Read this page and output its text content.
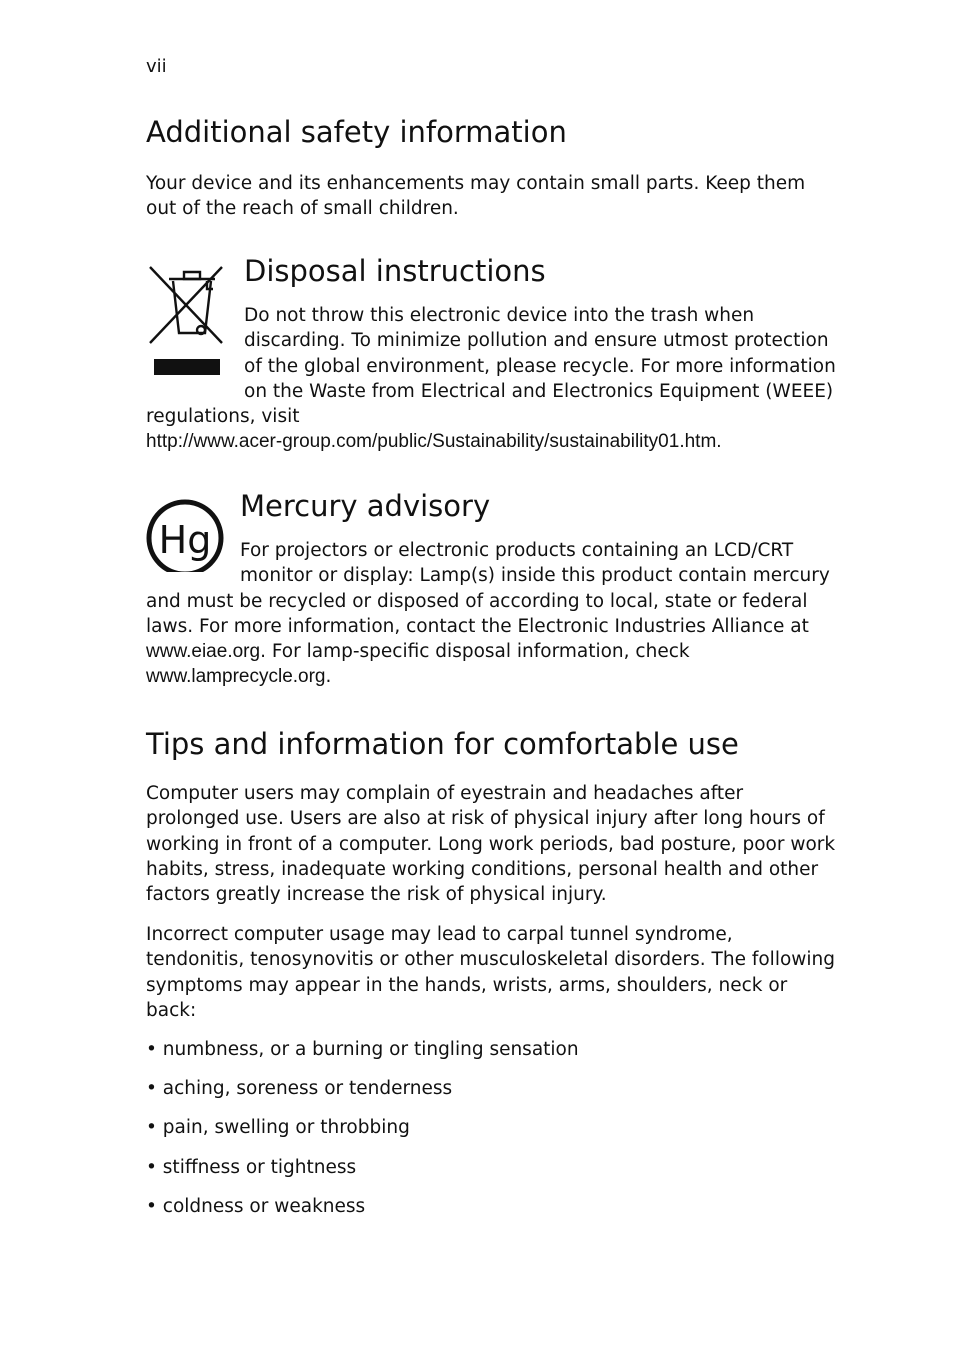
vii
Additional safety information

Your device and its enhancements may contain small parts. Keep them out of the reach of small children.

Disposal instructions

Do not throw this electronic device into the trash when discarding. To minimize pollution and ensure utmost protection of the global environment, please recycle. For more information on the Waste from Electrical and Electronics Equipment (WEEE) regulations, visit

http://www.acer-group.com/public/Sustainability/sustainability01.htm.

Hg
Mercury advisory

For projectors or electronic products containing an LCD/CRT monitor or display: Lamp(s) inside this product contain mercury and must be recycled or disposed of according to local, state or federal laws. For more information, contact the Electronic Industries Alliance at www.eiae.org. For lamp-specific disposal information, check www.lamprecycle.org.

Tips and information for comfortable use

Computer users may complain of eyestrain and headaches after prolonged use. Users are also at risk of physical injury after long hours of working in front of a computer. Long work periods, bad posture, poor work habits, stress, inadequate working conditions, personal health and other factors greatly increase the risk of physical injury.

Incorrect computer usage may lead to carpal tunnel syndrome, tendonitis, tenosynovitis or other musculoskeletal disorders. The following symptoms may appear in the hands, wrists, arms, shoulders, neck or back:

• numbness, or a burning or tingling sensation
• aching, soreness or tenderness
• pain, swelling or throbbing
• stiffness or tightness
• coldness or weakness
